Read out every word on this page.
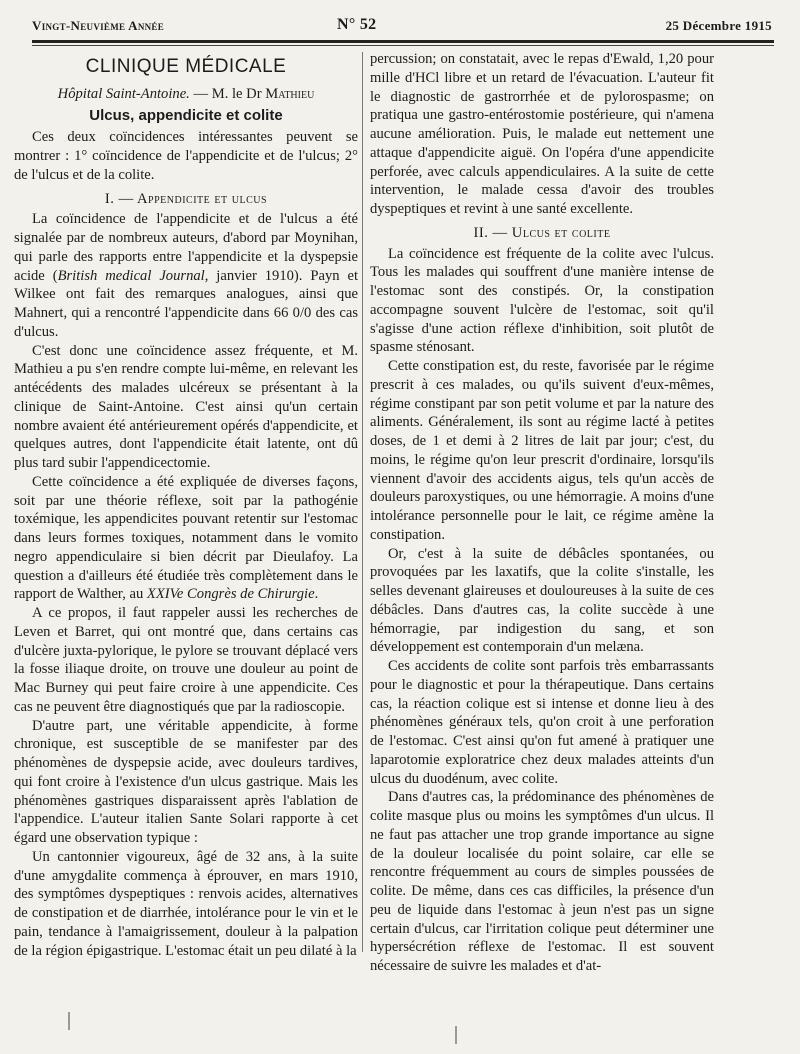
Vingt-Neuvième Année	N° 52	25 Décembre 1915
CLINIQUE MÉDICALE

Hôpital Saint-Antoine. — M. le Dr Mathieu

Ulcus, appendicite et colite

Ces deux coïncidences intéressantes peuvent se montrer : 1° coïncidence de l'appendicite et de l'ulcus; 2° de l'ulcus et de la colite.

I. — Appendicite et ulcus

La coïncidence de l'appendicite et de l'ulcus a été signalée par de nombreux auteurs, d'abord par Moynihan, qui parle des rapports entre l'appendicite et la dyspepsie acide (British medical Journal, janvier 1910). Payn et Wilkee ont fait des remarques analogues, ainsi que Mahnert, qui a rencontré l'appendicite dans 66 0/0 des cas d'ulcus.

C'est donc une coïncidence assez fréquente, et M. Mathieu a pu s'en rendre compte lui-même, en relevant les antécédents des malades ulcéreux se présentant à la clinique de Saint-Antoine. C'est ainsi qu'un certain nombre avaient été antérieurement opérés d'appendicite, et quelques autres, dont l'appendicite était latente, ont dû plus tard subir l'appendicectomie.

Cette coïncidence a été expliquée de diverses façons, soit par une théorie réflexe, soit par la pathogénie toxémique, les appendicites pouvant retentir sur l'estomac dans leurs formes toxiques, notamment dans le vomito negro appendiculaire si bien décrit par Dieulafoy. La question a d'ailleurs été étudiée très complètement dans le rapport de Walther, au XXIVe Congrès de Chirurgie.

A ce propos, il faut rappeler aussi les recherches de Leven et Barret, qui ont montré que, dans certains cas d'ulcère juxta-pylorique, le pylore se trouvant déplacé vers la fosse iliaque droite, on trouve une douleur au point de Mac Burney qui peut faire croire à une appendicite. Ces cas ne peuvent être diagnostiqués que par la radioscopie.

D'autre part, une véritable appendicite, à forme chronique, est susceptible de se manifester par des phénomènes de dyspepsie acide, avec douleurs tardives, qui font croire à l'existence d'un ulcus gastrique. Mais les phénomènes gastriques disparaissent après l'ablation de l'appendice. L'auteur italien Sante Solari rapporte à cet égard une observation typique :

Un cantonnier vigoureux, âgé de 32 ans, à la suite d'une amygdalite commença à éprouver, en mars 1910, des symptômes dyspeptiques : renvois acides, alternatives de constipation et de diarrhée, intolérance pour le vin et le pain, tendance à l'amaigrissement, douleur à la palpation de la région épigastrique. L'estomac était un peu dilaté à la

percussion; on constatait, avec le repas d'Ewald, 1,20 pour mille d'HCl libre et un retard de l'évacuation. L'auteur fit le diagnostic de gastrorrhée et de pylorospasme; on pratiqua une gastro-entérostomie postérieure, qui n'amena aucune amélioration. Puis, le malade eut nettement une attaque d'appendicite aiguë. On l'opéra d'une appendicite perforée, avec calculs appendiculaires. A la suite de cette intervention, le malade cessa d'avoir des troubles dyspeptiques et revint à une santé excellente.

II. — Ulcus et colite

La coïncidence est fréquente de la colite avec l'ulcus. Tous les malades qui souffrent d'une manière intense de l'estomac sont des constipés. Or, la constipation accompagne souvent l'ulcère de l'estomac, soit qu'il s'agisse d'une action réflexe d'inhibition, soit plutôt de spasme sténosant.

Cette constipation est, du reste, favorisée par le régime prescrit à ces malades, ou qu'ils suivent d'eux-mêmes, régime constipant par son petit volume et par la nature des aliments. Généralement, ils sont au régime lacté à petites doses, de 1 et demi à 2 litres de lait par jour; c'est, du moins, le régime qu'on leur prescrit d'ordinaire, lorsqu'ils viennent d'avoir des accidents aigus, tels qu'un accès de douleurs paroxystiques, ou une hémorragie. A moins d'une intolérance personnelle pour le lait, ce régime amène la constipation.

Or, c'est à la suite de débâcles spontanées, ou provoquées par les laxatifs, que la colite s'installe, les selles devenant glaireuses et douloureuses à la suite de ces débâcles. Dans d'autres cas, la colite succède à une hémorragie, par indigestion du sang, et son développement est contemporain d'un melæna.

Ces accidents de colite sont parfois très embarrassants pour le diagnostic et pour la thérapeutique. Dans certains cas, la réaction colique est si intense et donne lieu à des phénomènes généraux tels, qu'on croit à une perforation de l'estomac. C'est ainsi qu'on fut amené à pratiquer une laparotomie exploratrice chez deux malades atteints d'un ulcus du duodénum, avec colite.

Dans d'autres cas, la prédominance des phénomènes de colite masque plus ou moins les symptômes d'un ulcus. Il ne faut pas attacher une trop grande importance au signe de la douleur localisée du point solaire, car elle se rencontre fréquemment au cours de simples poussées de colite. De même, dans ces cas difficiles, la présence d'un peu de liquide dans l'estomac à jeun n'est pas un signe certain d'ulcus, car l'irritation colique peut déterminer une hypersécrétion réflexe de l'estomac. Il est souvent nécessaire de suivre les malades et d'at-
